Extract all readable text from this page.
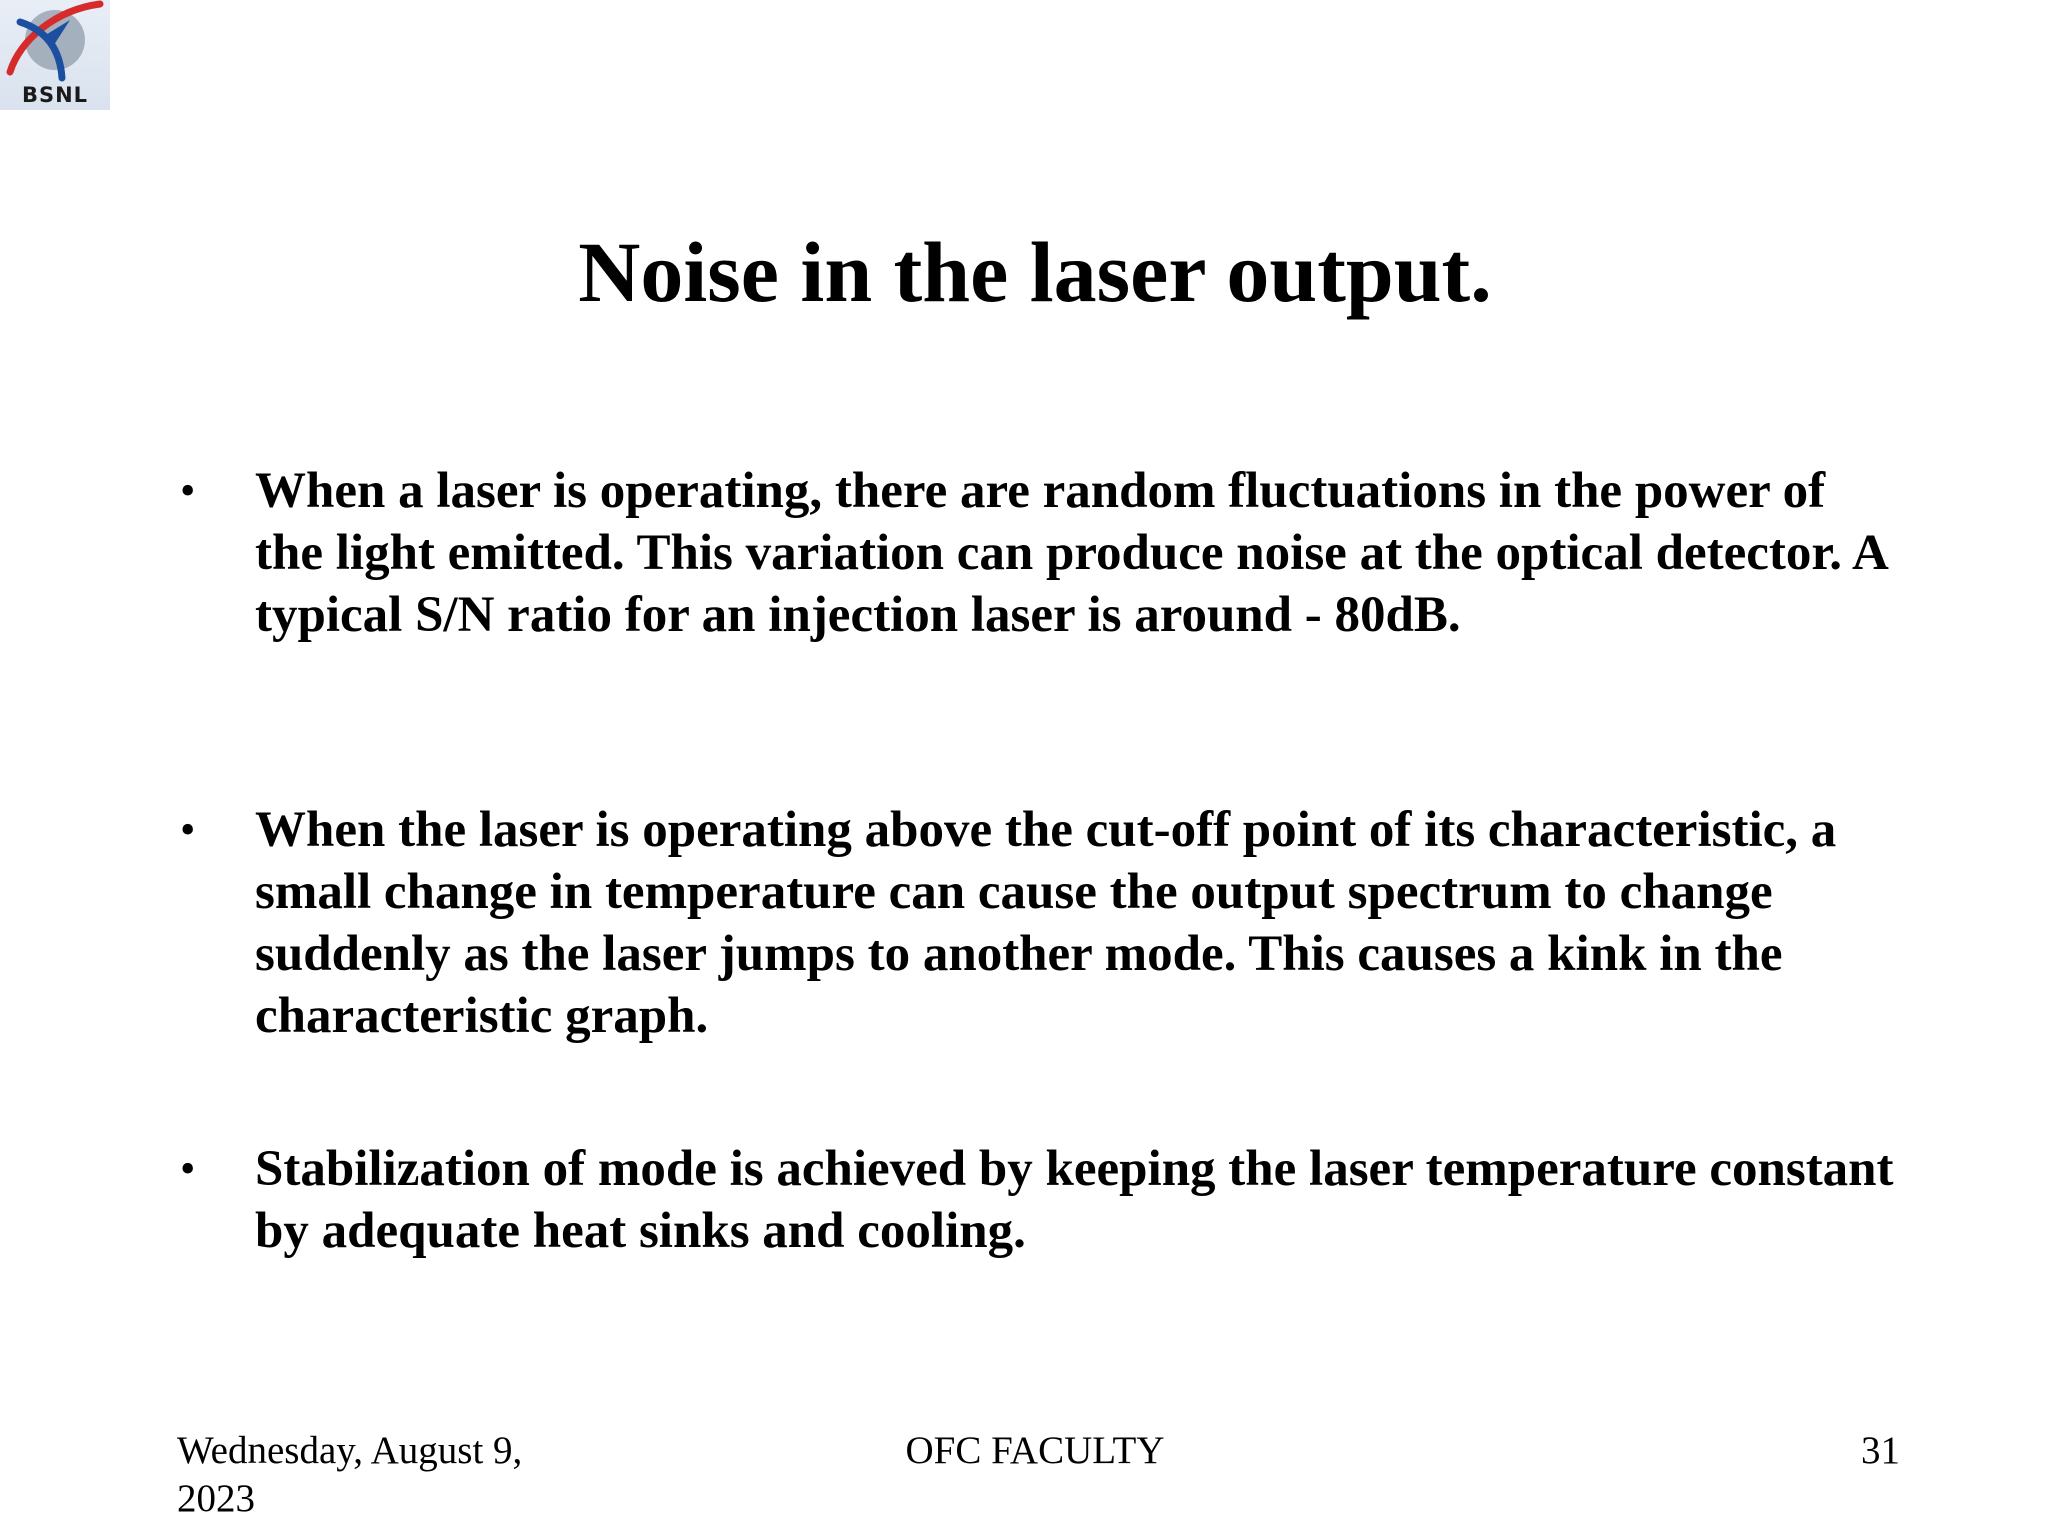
BSNL
Noise in the laser output.
• When a laser is operating, there are random fluctuations in the power of the light emitted. This variation can produce noise at the optical detector. A typical S/N ratio for an injection laser is around - 80dB.
• When the laser is operating above the cut-off point of its characteristic, a small change in temperature can cause the output spectrum to change suddenly as the laser jumps to another mode. This causes a kink in the characteristic graph.
• Stabilization of mode is achieved by keeping the laser temperature constant by adequate heat sinks and cooling.
Wednesday, August 9, 2023
OFC FACULTY	31
